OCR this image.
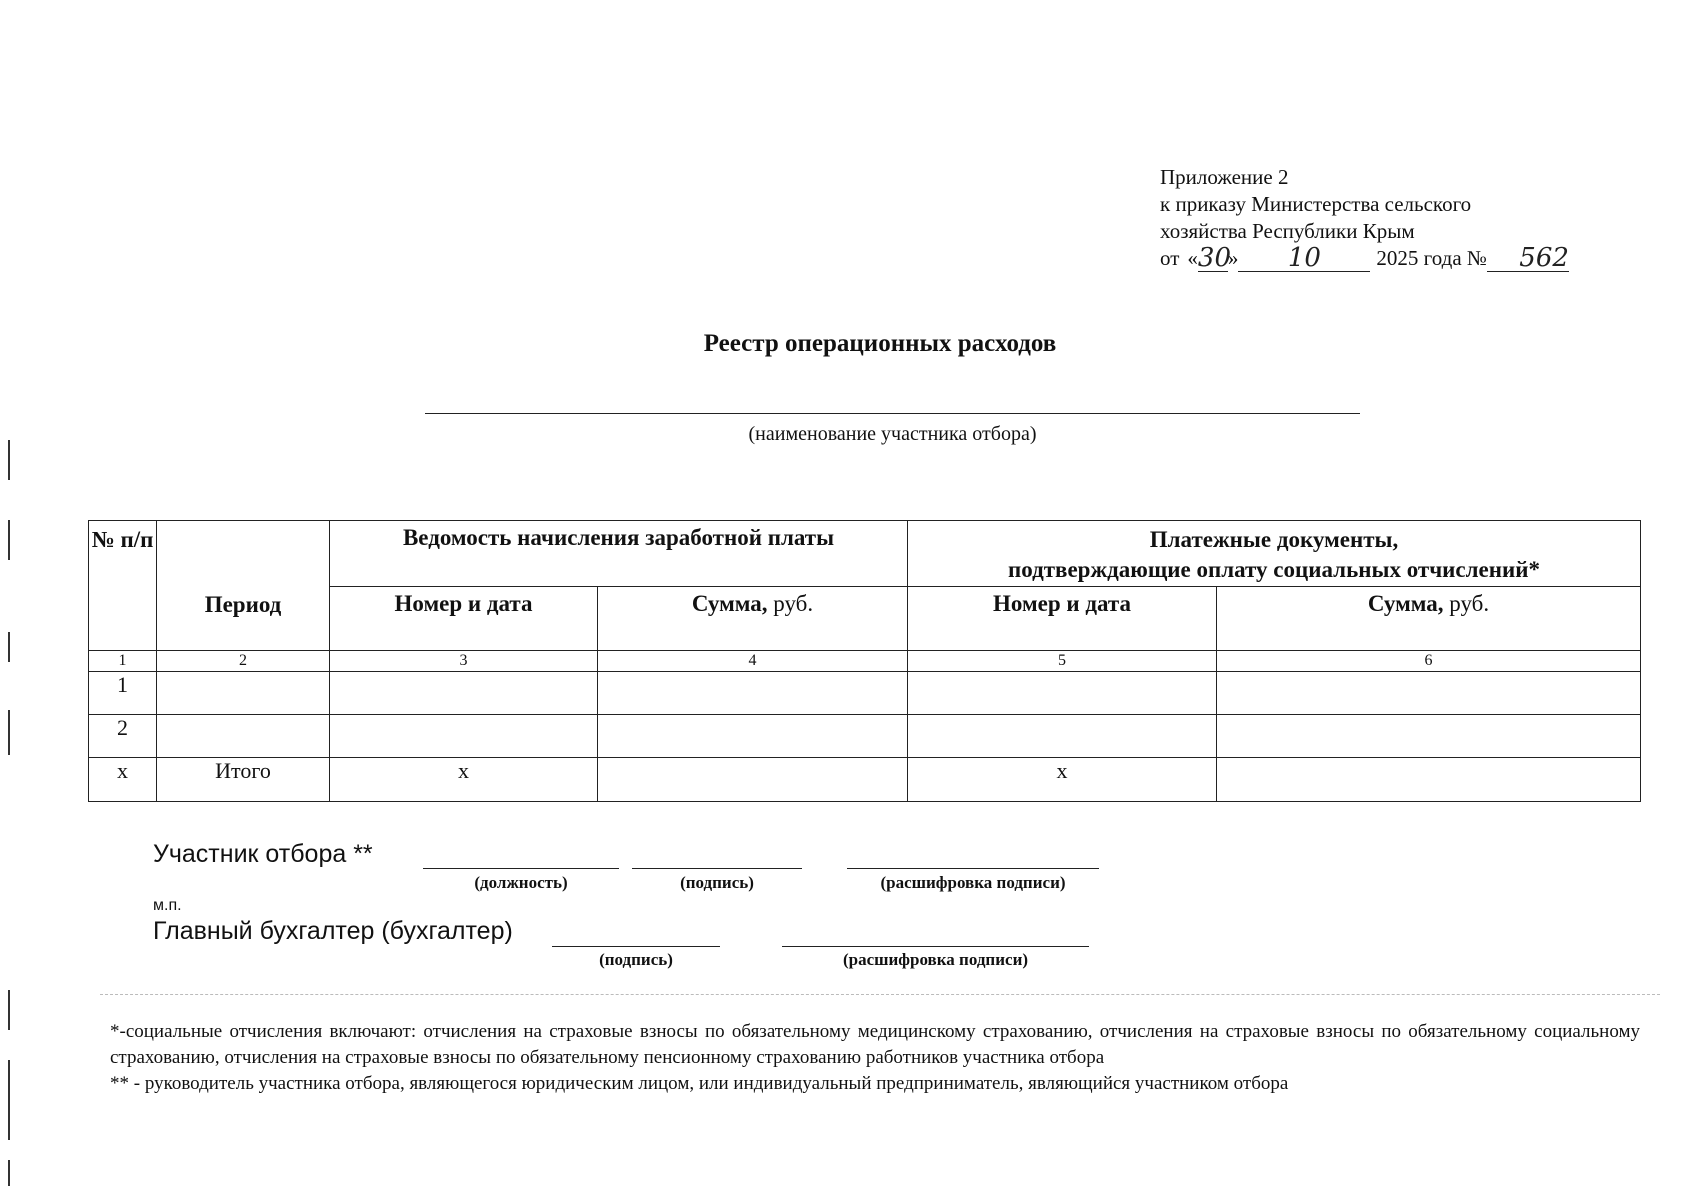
Приложение 2
к приказу Министерства сельского
хозяйства Республики Крым
от « 30
»	10	2025 года №	562
Реестр операционных расходов
(наименование участника отбора)
№ п/п	Период	Ведомость начисления заработной платы		Платежные документы,
подтверждающие оплату социальных отчислений*	

		Номер и дата	Сумма, руб.	Номер и дата	Сумма, руб.
1	2	3	4	5	6
1					
2					
x	Итого	x		x	
Участник отбора **
(должность)	(подпись)	(расшифровка подписи)
м.п.
Главный бухгалтер (бухгалтер)
(подпись)	(расшифровка подписи)

*-социальные отчисления включают: отчисления на страховые взносы по обязательному медицинскому страхованию, отчисления на страховые взносы по обязательному социальному страхованию, отчисления на страховые взносы по обязательному пенсионному страхованию работников участника отбора

** - руководитель участника отбора, являющегося юридическим лицом, или индивидуальный предприниматель, являющийся участником отбора
